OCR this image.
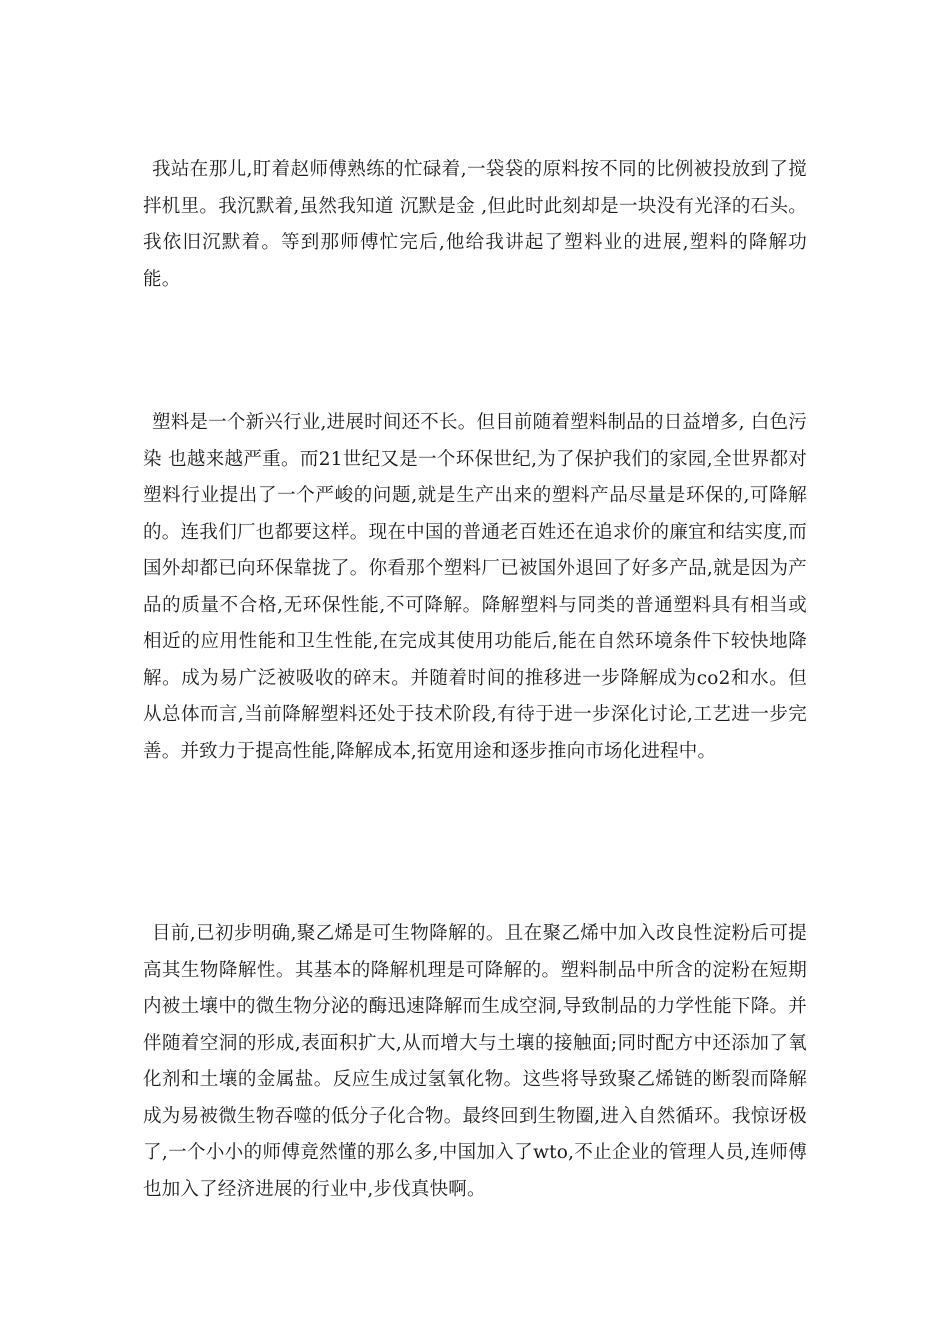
我站在那儿,盯着赵师傅熟练的忙碌着,一袋袋的原料按不同的比例被投放到了搅拌机里。我沉默着,虽然我知道 沉默是金 ,但此时此刻却是一块没有光泽的石头。我依旧沉默着。等到那师傅忙完后,他给我讲起了塑料业的进展,塑料的降解功能。

塑料是一个新兴行业,进展时间还不长。但目前随着塑料制品的日益增多, 白色污染 也越来越严重。而21世纪又是一个环保世纪,为了保护我们的家园,全世界都对塑料行业提出了一个严峻的问题,就是生产出来的塑料产品尽量是环保的,可降解的。连我们厂也都要这样。现在中国的普通老百姓还在追求价的廉宜和结实度,而国外却都已向环保靠拢了。你看那个塑料厂已被国外退回了好多产品,就是因为产品的质量不合格,无环保性能,不可降解。降解塑料与同类的普通塑料具有相当或相近的应用性能和卫生性能,在完成其使用功能后,能在自然环境条件下较快地降解。成为易广泛被吸收的碎末。并随着时间的推移进一步降解成为co2和水。但从总体而言,当前降解塑料还处于技术阶段,有待于进一步深化讨论,工艺进一步完善。并致力于提高性能,降解成本,拓宽用途和逐步推向市场化进程中。

目前,已初步明确,聚乙烯是可生物降解的。且在聚乙烯中加入改良性淀粉后可提高其生物降解性。其基本的降解机理是可降解的。塑料制品中所含的淀粉在短期内被土壤中的微生物分泌的酶迅速降解而生成空洞,导致制品的力学性能下降。并伴随着空洞的形成,表面积扩大,从而增大与土壤的接触面;同时配方中还添加了氧化剂和土壤的金属盐。反应生成过氢氧化物。这些将导致聚乙烯链的断裂而降解成为易被微生物吞噬的低分子化合物。最终回到生物圈,进入自然循环。我惊讶极了,一个小小的师傅竟然懂的那么多,中国加入了wto,不止企业的管理人员,连师傅也加入了经济进展的行业中,步伐真快啊。
